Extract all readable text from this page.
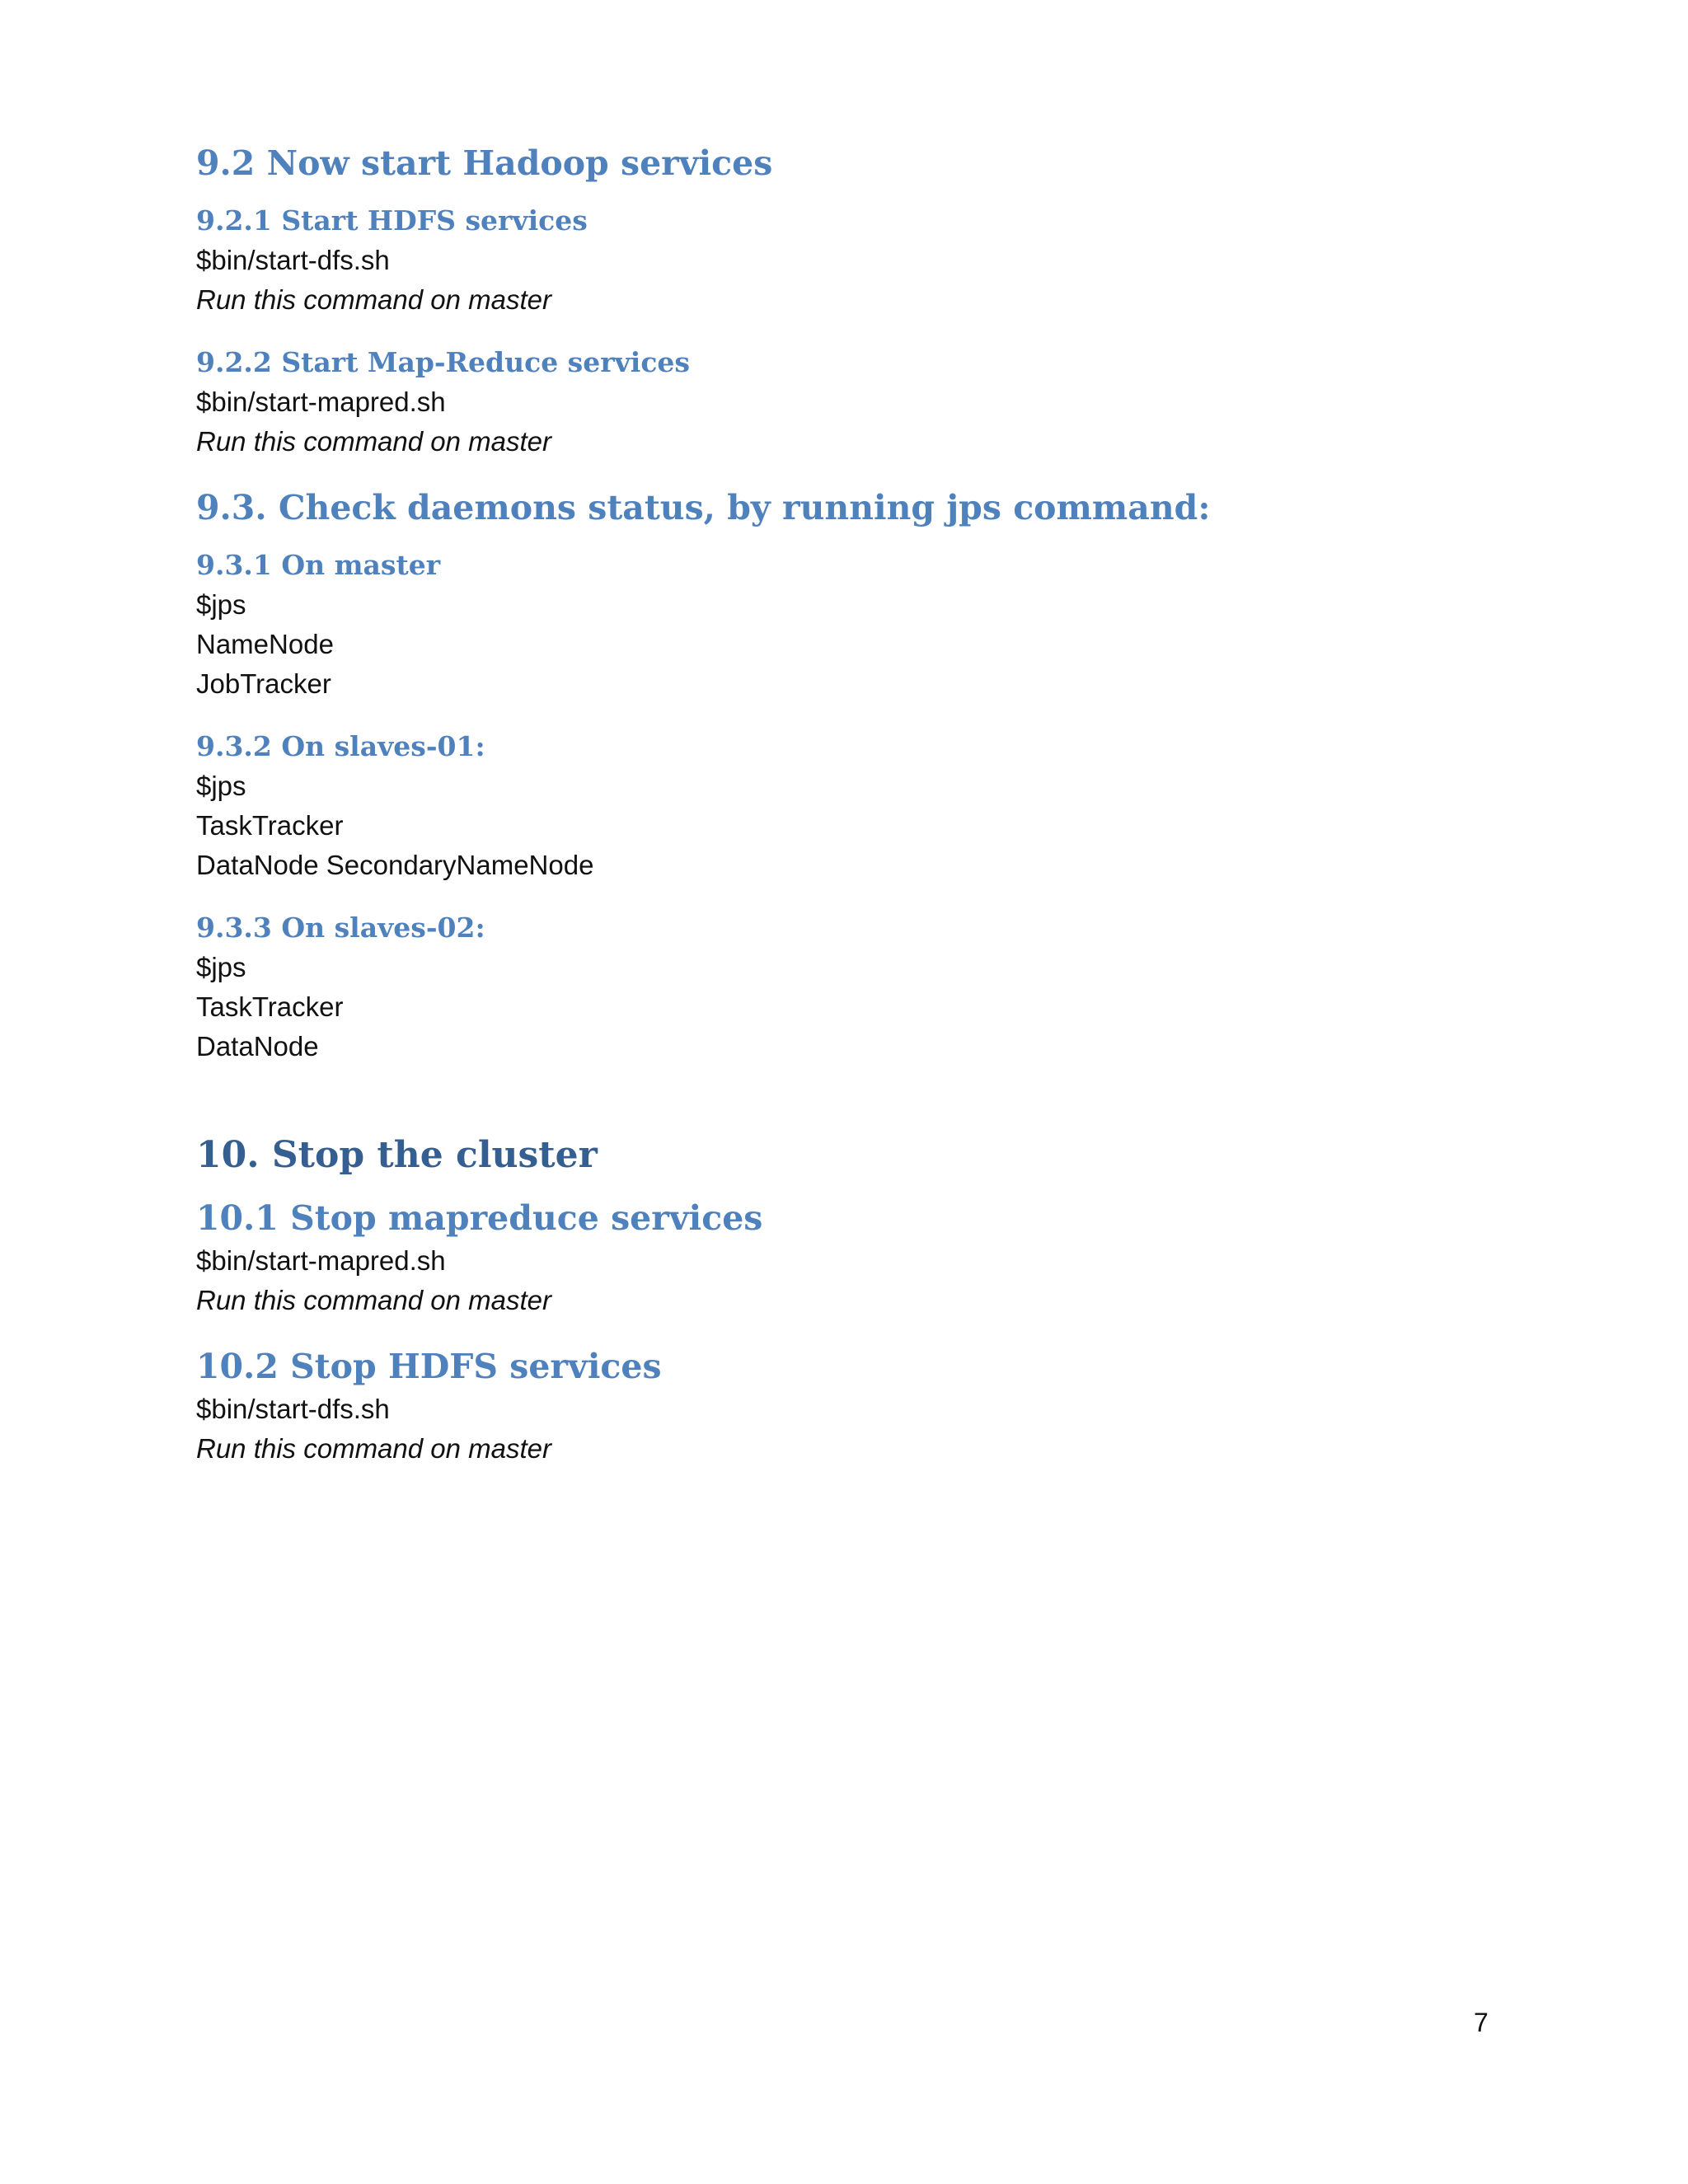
9.2 Now start Hadoop services
9.2.1 Start HDFS services

$bin/start-dfs.sh

Run this command on master

9.2.2 Start Map-Reduce services

$bin/start-mapred.sh

Run this command on master

9.3. Check daemons status, by running jps command:
9.3.1 On master

$jps

NameNode

JobTracker

9.3.2 On slaves-01:

$jps

TaskTracker

DataNode SecondaryNameNode

9.3.3 On slaves-02:

$jps

TaskTracker

DataNode

10. Stop the cluster
10.1 Stop mapreduce services

$bin/start-mapred.sh

Run this command on master

10.2 Stop HDFS services

$bin/start-dfs.sh

Run this command on master

7
